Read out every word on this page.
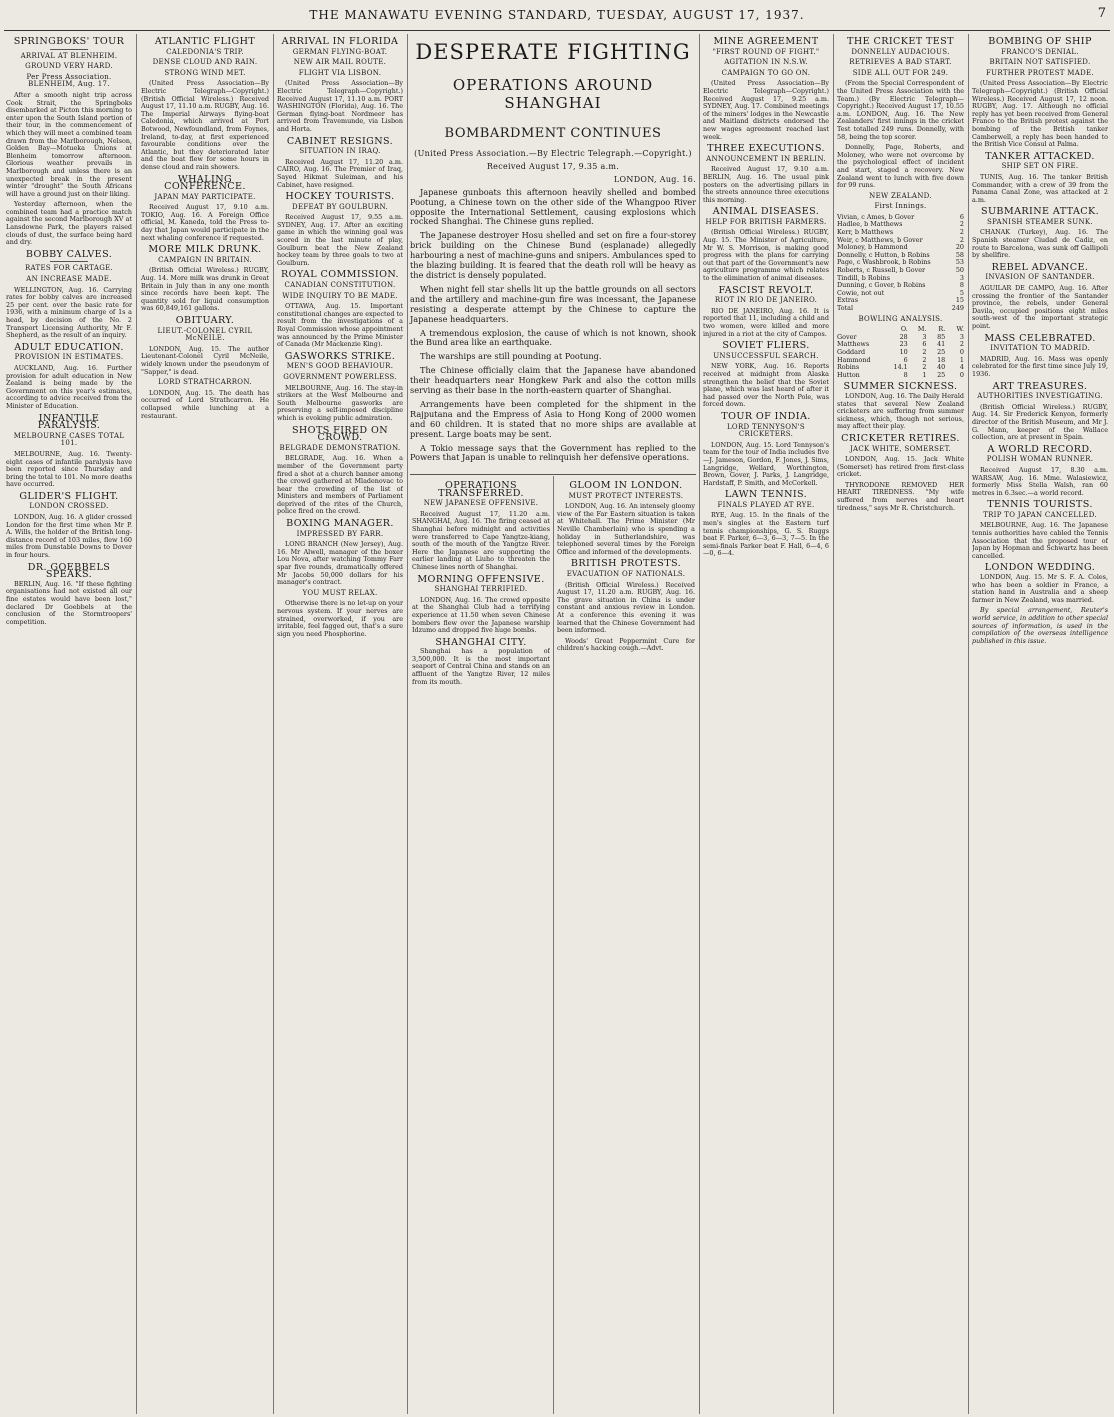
THE MANAWATU EVENING STANDARD, TUESDAY, AUGUST 17, 1937.	7
SPRINGBOKS' TOUR
ARRIVAL AT BLENHEIM.
GROUND VERY HARD.
Per Press Association. BLENHEIM, Aug. 17.

After a smooth night trip across Cook Strait, the Springboks disembarked at Picton this morning to enter upon the South Island portion of their tour, in the commencement of which they will meet a combined team drawn from the Marlborough, Nelson, Golden Bay—Motueka Unions at Blenheim tomorrow afternoon. Glorious weather prevails in Marlborough and unless there is an unexpected break in the present winter "drought" the South Africans will have a ground just on their liking.

Yesterday afternoon, when the combined team had a practice match against the second Marlborough XV at Lansdowne Park, the players raised clouds of dust, the surface being hard and dry.

BOBBY CALVES.
RATES FOR CARTAGE.
AN INCREASE MADE.

WELLINGTON, Aug. 16. Carrying rates for bobby calves are increased 25 per cent. over the basic rate for 1936, with a minimum charge of 1s a head, by decision of the No. 2 Transport Licensing Authority, Mr F. Shepherd, as the result of an inquiry.

ADULT EDUCATION.
PROVISION IN ESTIMATES.

AUCKLAND, Aug. 16. Further provision for adult education in New Zealand is being made by the Government on this year's estimates, according to advice received from the Minister of Education.

INFANTILE PARALYSIS.
MELBOURNE CASES TOTAL 101.

MELBOURNE, Aug. 16. Twenty-eight cases of infantile paralysis have been reported since Thursday and bring the total to 101. No more deaths have occurred.

GLIDER'S FLIGHT.
LONDON CROSSED.

LONDON, Aug. 16. A glider crossed London for the first time when Mr P. A. Wills, the holder of the British long-distance record of 103 miles, flew 160 miles from Dunstable Downs to Dover in four hours.

DR. GOEBBELS SPEAKS.

BERLIN, Aug. 16. "If these fighting organisations had not existed all our fine estates would have been lost," declared Dr Goebbels at the conclusion of the Stormtroopers' competition.

ATLANTIC FLIGHT
CALEDONIA'S TRIP.
DENSE CLOUD AND RAIN.
STRONG WIND MET.

(United Press Association—By Electric Telegraph—Copyright.) (British Official Wireless.) Received August 17, 11.10 a.m. RUGBY, Aug. 16. The Imperial Airways flying-boat Caledonia, which arrived at Port Botwood, Newfoundland, from Foynes, Ireland, to-day, at first experienced favourable conditions over the Atlantic, but they deteriorated later and the boat flew for some hours in dense cloud and rain showers.

WHALING CONFERENCE.
JAPAN MAY PARTICIPATE.

Received August 17, 9.10 a.m. TOKIO, Aug. 16. A Foreign Office official, M. Kaneda, told the Press to-day that Japan would participate in the next whaling conference if requested.

MORE MILK DRUNK.
CAMPAIGN IN BRITAIN.

(British Official Wireless.) RUGBY, Aug. 14. More milk was drunk in Great Britain in July than in any one month since records have been kept. The quantity sold for liquid consumption was 60,849,161 gallons.

OBITUARY.
LIEUT.-COLONEL CYRIL McNEILE.

LONDON, Aug. 15. The author Lieutenant-Colonel Cyril McNeile, widely known under the pseudonym of "Sapper," is dead.

LORD STRATHCARRON.

LONDON, Aug. 15. The death has occurred of Lord Strathcarron. He collapsed while lunching at a restaurant.

ARRIVAL IN FLORIDA
GERMAN FLYING-BOAT.
NEW AIR MAIL ROUTE.
FLIGHT VIA LISBON.

(United Press Association—By Electric Telegraph—Copyright.) Received August 17, 11.10 a.m. PORT WASHINGTON (Florida), Aug. 16. The German flying-boat Nordmeer has arrived from Travemunde, via Lisbon and Horta.

CABINET RESIGNS.
SITUATION IN IRAQ.

Received August 17, 11.20 a.m. CAIRO, Aug. 16. The Premier of Iraq, Sayed Hikmat Suleiman, and his Cabinet, have resigned.

HOCKEY TOURISTS.
DEFEAT BY GOULBURN.

Received August 17, 9.55 a.m. SYDNEY, Aug. 17. After an exciting game in which the winning goal was scored in the last minute of play, Goulburn beat the New Zealand hockey team by three goals to two at Goulburn.

ROYAL COMMISSION.
CANADIAN CONSTITUTION.
WIDE INQUIRY TO BE MADE.

OTTAWA, Aug. 15. Important constitutional changes are expected to result from the investigations of a Royal Commission whose appointment was announced by the Prime Minister of Canada (Mr Mackenzie King).

GASWORKS STRIKE.
MEN'S GOOD BEHAVIOUR.
GOVERNMENT POWERLESS.

MELBOURNE, Aug. 16. The stay-in strikers at the West Melbourne and South Melbourne gasworks are preserving a self-imposed discipline which is evoking public admiration.

SHOTS FIRED ON CROWD.
BELGRADE DEMONSTRATION.

BELGRADE, Aug. 16. When a member of the Government party fired a shot at a church banner among the crowd gathered at Mladenovac to hear the crowding of the list of Ministers and members of Parliament deprived of the rites of the Church, police fired on the crowd.

BOXING MANAGER.
IMPRESSED BY FARR.

LONG BRANCH (New Jersey), Aug. 16. Mr Alwell, manager of the boxer Lou Nova, after watching Tommy Farr spar five rounds, dramatically offered Mr Jacobs 50,000 dollars for his manager's contract.

YOU MUST RELAX.

Otherwise there is no let-up on your nervous system. If your nerves are strained, overworked, if you are irritable, feel fagged out, that's a sure sign you need Phosphorine.

DESPERATE FIGHTING
OPERATIONS AROUND SHANGHAI
BOMBARDMENT CONTINUES
(United Press Association.—By Electric Telegraph.—Copyright.)
Received August 17, 9.35 a.m.
LONDON, Aug. 16.

Japanese gunboats this afternoon heavily shelled and bombed Pootung, a Chinese town on the other side of the Whangpoo River opposite the International Settlement, causing explosions which rocked Shanghai. The Chinese guns replied.

The Japanese destroyer Hosu shelled and set on fire a four-storey brick building on the Chinese Bund (esplanade) allegedly harbouring a nest of machine-guns and snipers. Ambulances sped to the blazing building. It is feared that the death roll will be heavy as the district is densely populated.

When night fell star shells lit up the battle grounds on all sectors and the artillery and machine-gun fire was incessant, the Japanese resisting a desperate attempt by the Chinese to capture the Japanese headquarters.

A tremendous explosion, the cause of which is not known, shook the Bund area like an earthquake.

The warships are still pounding at Pootung.

The Chinese officially claim that the Japanese have abandoned their headquarters near Hongkew Park and also the cotton mills serving as their base in the north-eastern quarter of Shanghai.

Arrangements have been completed for the shipment in the Rajputana and the Empress of Asia to Hong Kong of 2000 women and 60 children. It is stated that no more ships are available at present. Large boats may be sent.

A Tokio message says that the Government has replied to the Powers that Japan is unable to relinquish her defensive operations.

OPERATIONS TRANSFERRED.
NEW JAPANESE OFFENSIVE.

Received August 17, 11.20 a.m. SHANGHAI, Aug. 16. The firing ceased at Shanghai before midnight and activities were transferred to Cape Yangtze-kiang, south of the mouth of the Yangtze River. Here the Japanese are supporting the earlier landing at Liuho to threaten the Chinese lines north of Shanghai.

MORNING OFFENSIVE.
SHANGHAI TERRIFIED.

LONDON, Aug. 16. The crowd opposite at the Shanghai Club had a terrifying experience at 11.50 when seven Chinese bombers flew over the Japanese warship Idzumo and dropped five huge bombs.

SHANGHAI CITY.

Shanghai has a population of 3,500,000. It is the most important seaport of Central China and stands on an affluent of the Yangtze River, 12 miles from its mouth.

GLOOM IN LONDON.
MUST PROTECT INTERESTS.

LONDON, Aug. 16. An intensely gloomy view of the Far Eastern situation is taken at Whitehall. The Prime Minister (Mr Neville Chamberlain) who is spending a holiday in Sutherlandshire, was telephoned several times by the Foreign Office and informed of the developments.

BRITISH PROTESTS.
EVACUATION OF NATIONALS.

(British Official Wireless.) Received August 17, 11.20 a.m. RUGBY, Aug. 16. The grave situation in China is under constant and anxious review in London. At a conference this evening it was learned that the Chinese Government had been informed.

Woods' Great Peppermint Cure for children's hacking cough.—Advt.

MINE AGREEMENT
"FIRST ROUND OF FIGHT."
AGITATION IN N.S.W.
CAMPAIGN TO GO ON.

(United Press Association—By Electric Telegraph—Copyright.) Received August 17, 9.25 a.m. SYDNEY, Aug. 17. Combined meetings of the miners' lodges in the Newcastle and Maitland districts endorsed the new wages agreement reached last week.

THREE EXECUTIONS.
ANNOUNCEMENT IN BERLIN.

Received August 17, 9.10 a.m. BERLIN, Aug. 16. The usual pink posters on the advertising pillars in the streets announce three executions this morning.

ANIMAL DISEASES.
HELP FOR BRITISH FARMERS.

(British Official Wireless.) RUGBY, Aug. 15. The Minister of Agriculture, Mr W. S. Morrison, is making good progress with the plans for carrying out that part of the Government's new agriculture programme which relates to the elimination of animal diseases.

FASCIST REVOLT.
RIOT IN RIO DE JANEIRO.

RIO DE JANEIRO, Aug. 16. It is reported that 11, including a child and two women, were killed and more injured in a riot at the city of Campos.

SOVIET FLIERS.
UNSUCCESSFUL SEARCH.

NEW YORK, Aug. 16. Reports received at midnight from Alaska strengthen the belief that the Soviet plane, which was last heard of after it had passed over the North Pole, was forced down.

TOUR OF INDIA.
LORD TENNYSON'S CRICKETERS.

LONDON, Aug. 15. Lord Tennyson's team for the tour of India includes five—J. Jameson, Gordon, F. Jones, J. Sims, Langridge, Wellard, Worthington, Brown, Gover, J. Parks, J. Langridge, Hardstaff, P. Smith, and McCorkell.

LAWN TENNIS.
FINALS PLAYED AT RYE.

RYE, Aug. 15. In the finals of the men's singles at the Eastern turf tennis championships, G. S. Ruggs beat F. Parker, 6—3, 6—3, 7—5. In the semi-finals Parker beat F. Hall, 6—4, 6—0, 6—4.

THE CRICKET TEST
DONNELLY AUDACIOUS.
RETRIEVES A BAD START.
SIDE ALL OUT FOR 249.

(From the Special Correspondent of the United Press Association with the Team.) (By Electric Telegraph—Copyright.) Received August 17, 10.55 a.m. LONDON, Aug. 16. The New Zealanders' first innings in the cricket Test totalled 249 runs. Donnelly, with 58, being the top scorer.

Donnelly, Page, Roberts, and Moloney, who were not overcome by the psychological effect of incident and start, staged a recovery. New Zealand went to lunch with five down for 99 runs.

NEW ZEALAND.
First Innings.
Vivian, c Ames, b Gover	6
Hadlee, b Matthews	2
Kerr, b Matthews	2
Weir, c Matthews, b Gover	2
Moloney, b Hammond	20
Donnelly, c Hutton, b Robins	58
Page, c Washbrook, b Robins	53
Roberts, c Russell, b Gover	50
Tindill, b Robins	3
Dunning, c Gover, b Robins	8
Cowie, not out	5
Extras	15
Total	249
BOWLING ANALYSIS.
O.	M.	R.	W.
Gover	28	3	85	3
Matthews	23	6	41	2
Goddard	10	2	25	0
Hammond	6	2	18	1
Robins	14.1	2	40	4
Hutton	8	1	25	0
SUMMER SICKNESS.

LONDON, Aug. 16. The Daily Herald states that several New Zealand cricketers are suffering from summer sickness, which, though not serious, may affect their play.

CRICKETER RETIRES.
JACK WHITE, SOMERSET.

LONDON, Aug. 15. Jack White (Somerset) has retired from first-class cricket.

THYRODONE REMOVED HER HEART TIREDNESS. "My wife suffered from nerves and heart tiredness," says Mr R. Christchurch.

BOMBING OF SHIP
FRANCO'S DENIAL.
BRITAIN NOT SATISFIED.
FURTHER PROTEST MADE.

(United Press Association—By Electric Telegraph—Copyright.) (British Official Wireless.) Received August 17, 12 noon. RUGBY, Aug. 17. Although no official reply has yet been received from General Franco to the British protest against the bombing of the British tanker Camberwell, a reply has been handed to the British Vice Consul at Palma.

TANKER ATTACKED.
SHIP SET ON FIRE.

TUNIS, Aug. 16. The tanker British Commander, with a crew of 39 from the Panama Canal Zone, was attacked at 2 a.m.

SUBMARINE ATTACK.
SPANISH STEAMER SUNK.

CHANAK (Turkey), Aug. 16. The Spanish steamer Ciudad de Cadiz, en route to Barcelona, was sunk off Gallipoli by shellfire.

REBEL ADVANCE.
INVASION OF SANTANDER.

AGUILAR DE CAMPO, Aug. 16. After crossing the frontier of the Santander province, the rebels, under General Davila, occupied positions eight miles south-west of the important strategic point.

MASS CELEBRATED.
INVITATION TO MADRID.

MADRID, Aug. 16. Mass was openly celebrated for the first time since July 19, 1936.

ART TREASURES.
AUTHORITIES INVESTIGATING.

(British Official Wireless.) RUGBY, Aug. 14. Sir Frederick Kenyon, formerly director of the British Museum, and Mr J. G. Mann, keeper of the Wallace collection, are at present in Spain.

A WORLD RECORD.
POLISH WOMAN RUNNER.

Received August 17, 8.30 a.m. WARSAW, Aug. 16. Mme. Walasiewicz, formerly Miss Stella Walsh, ran 60 metres in 6.3sec.—a world record.

TENNIS TOURISTS.
TRIP TO JAPAN CANCELLED.

MELBOURNE, Aug. 16. The Japanese tennis authorities have cabled the Tennis Association that the proposed tour of Japan by Hopman and Schwartz has been cancelled.

LONDON WEDDING.

LONDON, Aug. 15. Mr S. F. A. Coles, who has been a soldier in France, a station hand in Australia and a sheep farmer in New Zealand, was married.

By special arrangement, Reuter's world service, in addition to other special sources of information, is used in the compilation of the overseas intelligence published in this issue.
